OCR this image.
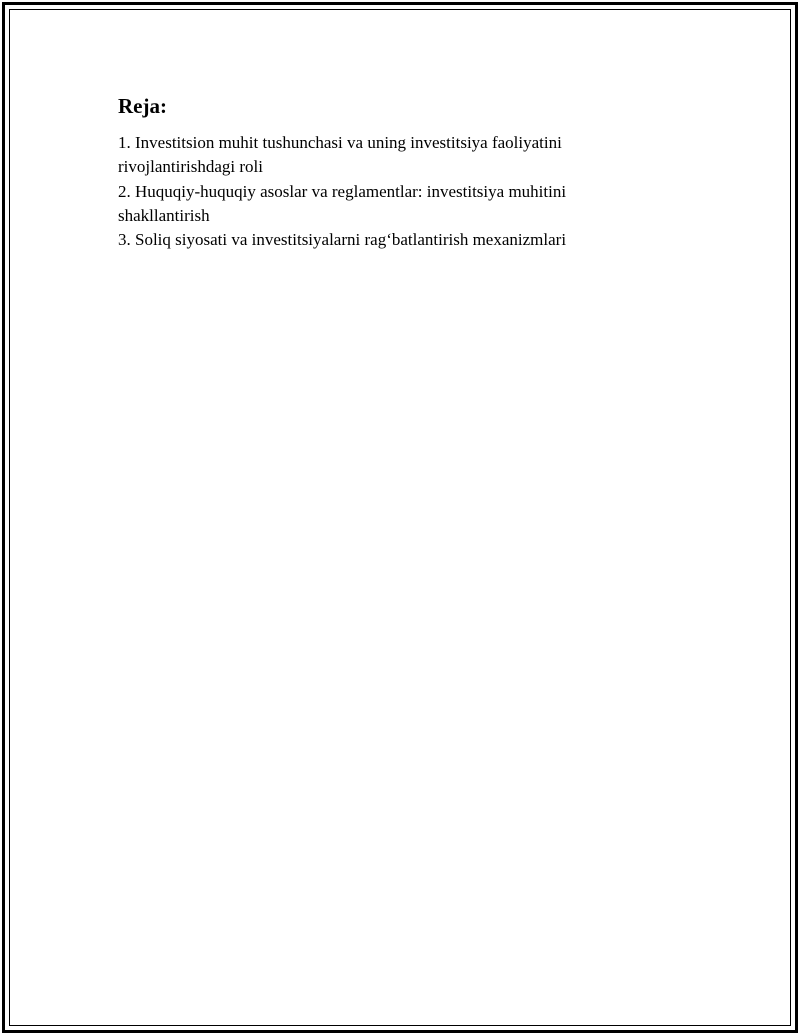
Reja:
1. Investitsion muhit tushunchasi va uning investitsiya faoliyatini rivojlantirishdagi roli
2. Huquqiy-huquqiy asoslar va reglamentlar: investitsiya muhitini shakllantirish
3. Soliq siyosati va investitsiyalarni rag‘batlantirish mexanizmlari
